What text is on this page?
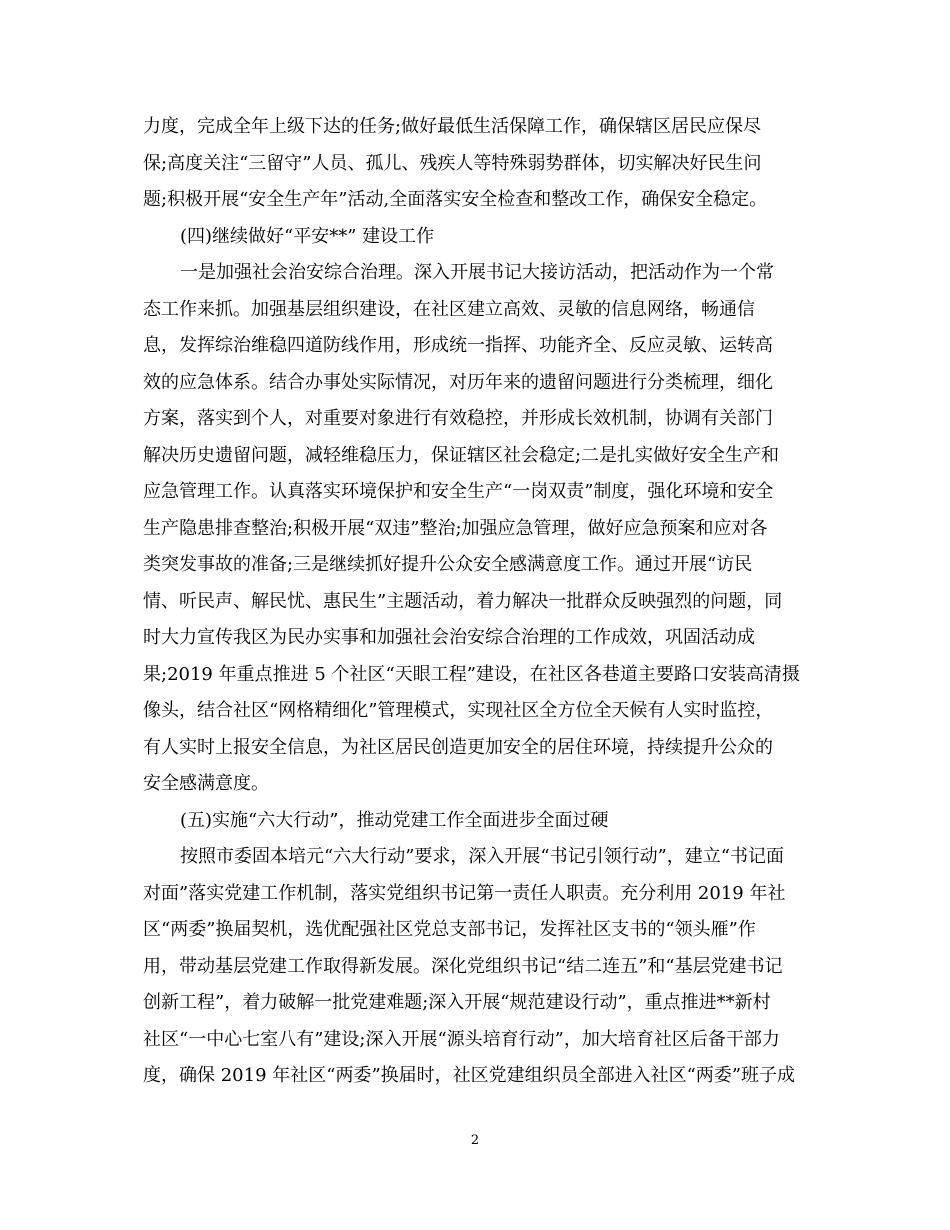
力度，完成全年上级下达的任务;做好最低生活保障工作，确保辖区居民应保尽
保;高度关注“三留守”人员、孤儿、残疾人等特殊弱势群体，切实解决好民生问
题;积极开展“安全生产年”活动,全面落实安全检查和整改工作，确保安全稳定。
(四)继续做好“平安**” 建设工作
一是加强社会治安综合治理。深入开展书记大接访活动，把活动作为一个常
态工作来抓。加强基层组织建设，在社区建立高效、灵敏的信息网络，畅通信
息，发挥综治维稳四道防线作用，形成统一指挥、功能齐全、反应灵敏、运转高
效的应急体系。结合办事处实际情况，对历年来的遗留问题进行分类梳理，细化
方案，落实到个人，对重要对象进行有效稳控，并形成长效机制，协调有关部门
解决历史遗留问题，减轻维稳压力，保证辖区社会稳定;二是扎实做好安全生产和
应急管理工作。认真落实环境保护和安全生产“一岗双责”制度，强化环境和安全
生产隐患排查整治;积极开展“双违”整治;加强应急管理，做好应急预案和应对各
类突发事故的准备;三是继续抓好提升公众安全感满意度工作。通过开展“访民
情、听民声、解民忧、惠民生”主题活动，着力解决一批群众反映强烈的问题，同
时大力宣传我区为民办实事和加强社会治安综合治理的工作成效，巩固活动成
果;2019 年重点推进 5 个社区“天眼工程”建设，在社区各巷道主要路口安装高清摄
像头，结合社区“网格精细化”管理模式，实现社区全方位全天候有人实时监控，
有人实时上报安全信息，为社区居民创造更加安全的居住环境，持续提升公众的
安全感满意度。
(五)实施“六大行动”，推动党建工作全面进步全面过硬
按照市委固本培元“六大行动”要求，深入开展“书记引领行动”，建立“书记面
对面”落实党建工作机制，落实党组织书记第一责任人职责。充分利用 2019 年社
区“两委”换届契机，选优配强社区党总支部书记，发挥社区支书的“领头雁”作
用，带动基层党建工作取得新发展。深化党组织书记“结二连五”和“基层党建书记
创新工程”，着力破解一批党建难题;深入开展“规范建设行动”，重点推进**新村
社区“一中心七室八有”建设;深入开展“源头培育行动”，加大培育社区后备干部力
度，确保 2019 年社区“两委”换届时，社区党建组织员全部进入社区“两委”班子成
2
